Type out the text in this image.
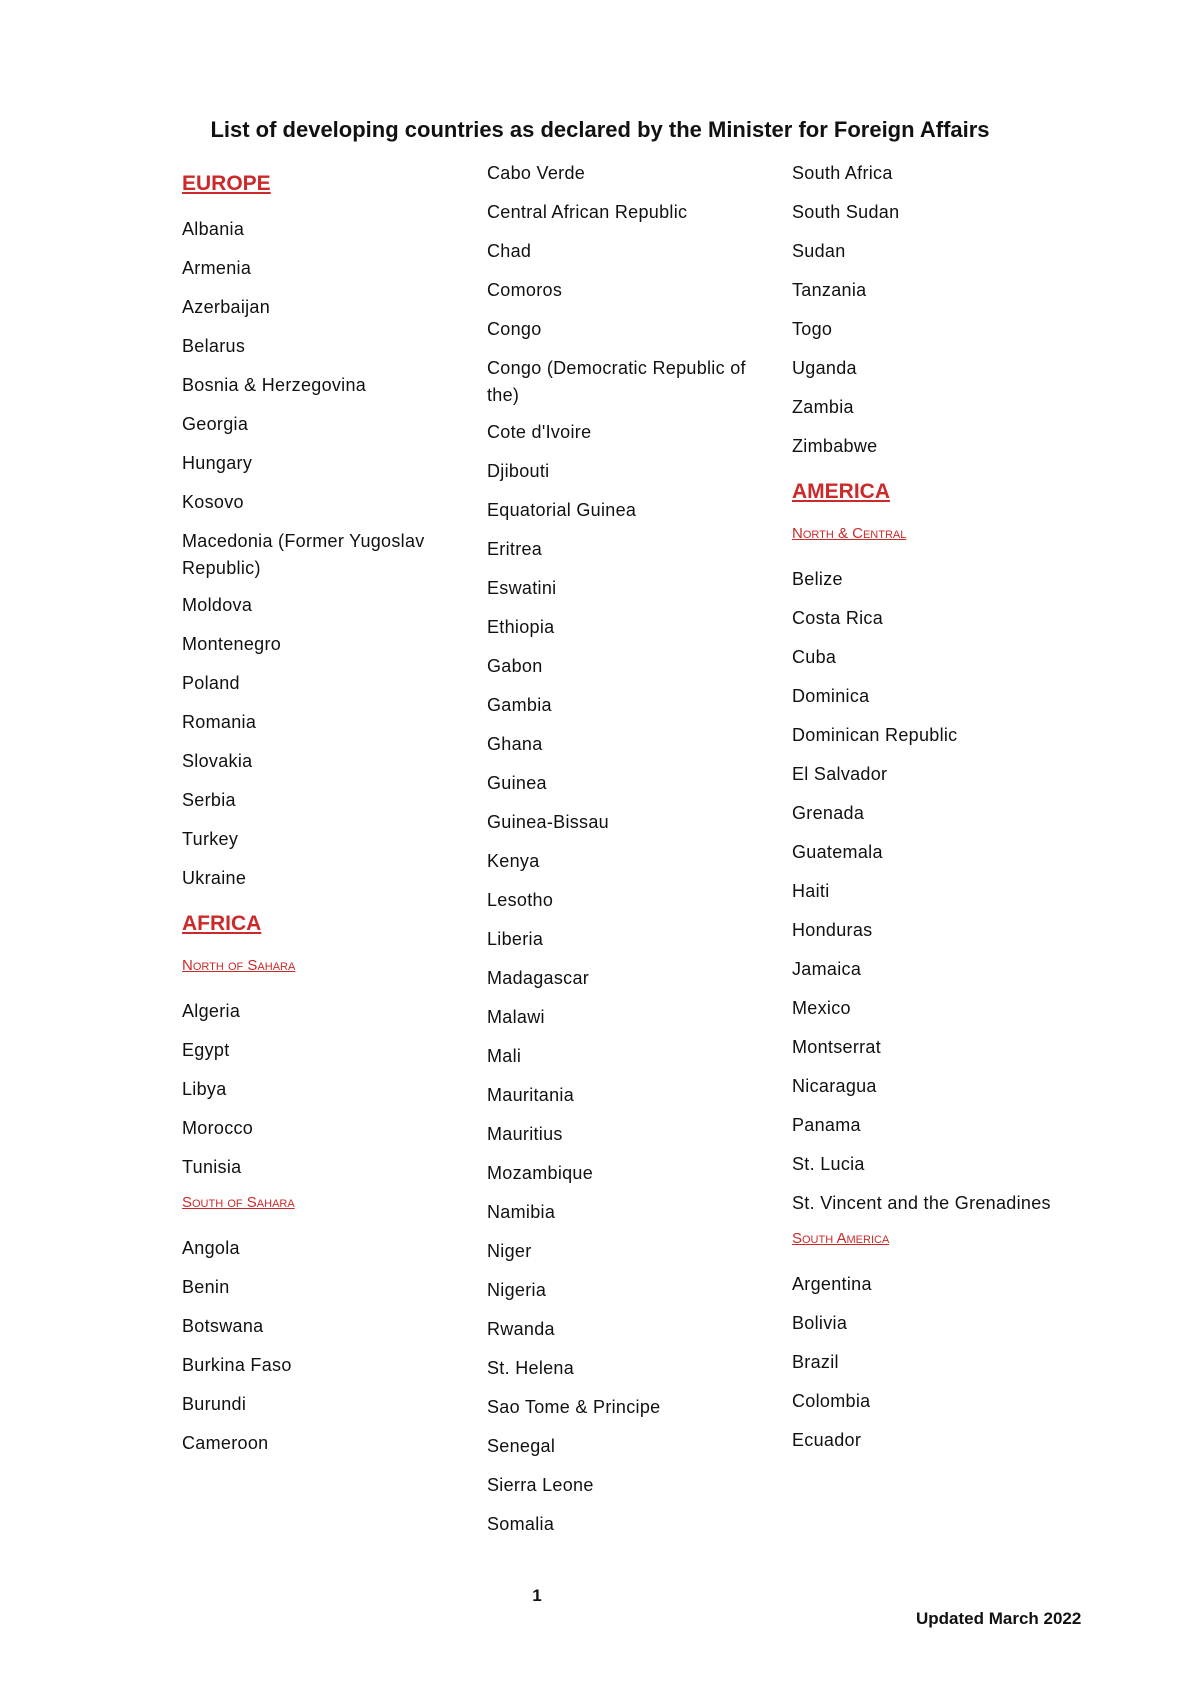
List of developing countries as declared by the Minister for Foreign Affairs
EUROPE
Albania
Armenia
Azerbaijan
Belarus
Bosnia & Herzegovina
Georgia
Hungary
Kosovo
Macedonia (Former Yugoslav Republic)
Moldova
Montenegro
Poland
Romania
Slovakia
Serbia
Turkey
Ukraine
AFRICA
North of Sahara
Algeria
Egypt
Libya
Morocco
Tunisia
South of Sahara
Angola
Benin
Botswana
Burkina Faso
Burundi
Cameroon
Cabo Verde
Central African Republic
Chad
Comoros
Congo
Congo (Democratic Republic of the)
Cote d'Ivoire
Djibouti
Equatorial Guinea
Eritrea
Eswatini
Ethiopia
Gabon
Gambia
Ghana
Guinea
Guinea-Bissau
Kenya
Lesotho
Liberia
Madagascar
Malawi
Mali
Mauritania
Mauritius
Mozambique
Namibia
Niger
Nigeria
Rwanda
St. Helena
Sao Tome & Principe
Senegal
Sierra Leone
Somalia
South Africa
South Sudan
Sudan
Tanzania
Togo
Uganda
Zambia
Zimbabwe
AMERICA
North & Central
Belize
Costa Rica
Cuba
Dominica
Dominican Republic
El Salvador
Grenada
Guatemala
Haiti
Honduras
Jamaica
Mexico
Montserrat
Nicaragua
Panama
St. Lucia
St. Vincent and the Grenadines
South America
Argentina
Bolivia
Brazil
Colombia
Ecuador
1
Updated March 2022
